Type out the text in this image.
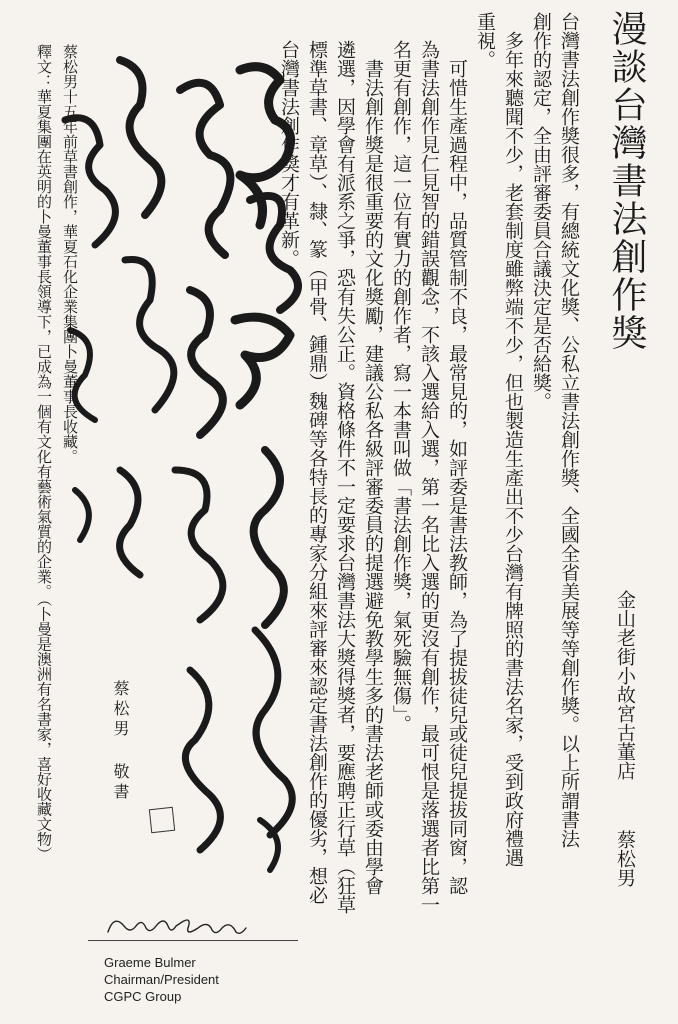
漫談台灣書法創作獎
金山老街小故宮古董店
蔡松男
台灣書法創作獎很多，有總統文化獎、公私立書法創作獎、全國全省美展等等創作獎。以上所謂書法
創作的認定，全由評審委員合議決定是否給獎。
　多年來聽聞不少，老套制度雖弊端不少，但也製造生產出不少台灣有牌照的書法名家，受到政府禮遇
重視。
　可惜生產過程中，品質管制不良，最常見的，如評委是書法教師，為了提拔徒兒或徒兒提拔同窗，認
為書法創作見仁見智的錯誤觀念，不該入選給入選，第一名比入選的更沒有創作，最可恨是落選者比第一
名更有創作，這一位有實力的創作者，寫一本書叫做「書法創作獎，氣死驗無傷」。
　書法創作獎是很重要的文化獎勵，建議公私各級評審委員的提選避免教學生多的書法老師或委由學會
遴選，因學會有派系之爭，恐有失公正。資格條件不一定要求台灣書法大獎得獎者，要應聘正行草（狂草
標準草書、章草）、隸、篆（甲骨、鍾鼎）魏碑等各特長的專家分組來評審來認定書法創作的優劣，想必
台灣書法創作獎才有革新。
蔡松男十五年前草書創作，華夏石化企業集團卜曼董事長收藏。
釋文：華夏集團在英明的卜曼董事長領導下，已成為一個有文化有藝術氣質的企業。（卜曼是澳洲有名書家，喜好收藏文物）	蔡松男 敬書
Graeme Bulmer
Chairman/President
CGPC Group
